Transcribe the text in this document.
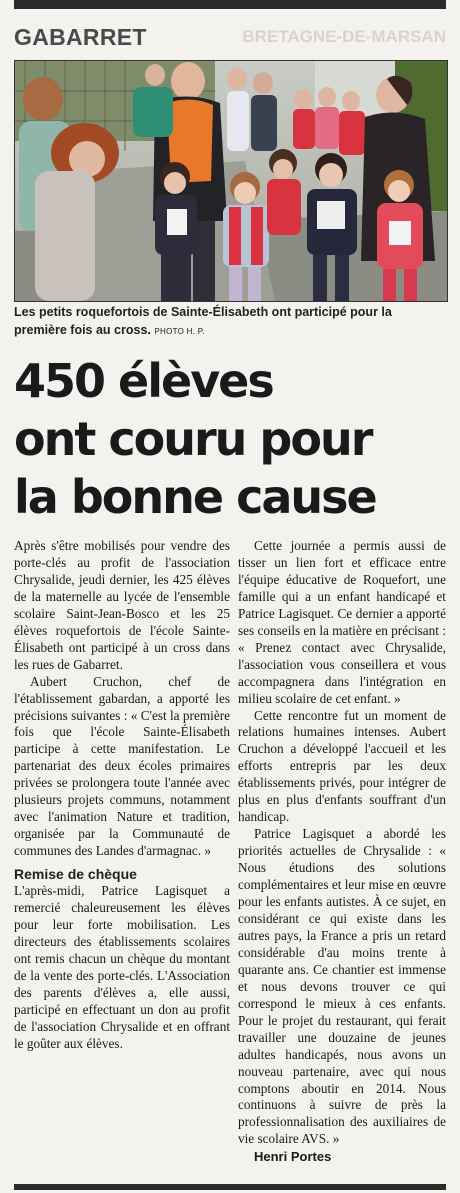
GABARRET	BRETAGNE-DE-MARSAN
Les petits roquefortois de Sainte-Élisabeth ont participé pour la première fois au cross. PHOTO H. P.
450 élèves
ont couru pour
la bonne cause

Après s'être mobilisés pour vendre des porte-clés au profit de l'association Chrysalide, jeudi dernier, les 425 élèves de la maternelle au lycée de l'ensemble scolaire Saint-Jean-Bosco et les 25 élèves roquefortois de l'école Sainte-Élisabeth ont participé à un cross dans les rues de Gabarret.

Aubert Cruchon, chef de l'établissement gabardan, a apporté les précisions suivantes : « C'est la première fois que l'école Sainte-Élisabeth participe à cette manifestation. Le partenariat des deux écoles primaires privées se prolongera toute l'année avec plusieurs projets communs, notamment avec l'animation Nature et tradition, organisée par la Communauté de communes des Landes d'armagnac. »

Remise de chèque

L'après-midi, Patrice Lagisquet a remercié chaleureusement les élèves pour leur forte mobilisation. Les directeurs des établissements scolaires ont remis chacun un chèque du montant de la vente des porte-clés. L'Association des parents d'élèves a, elle aussi, participé en effectuant un don au profit de l'association Chrysalide et en offrant le goûter aux élèves.

Cette journée a permis aussi de tisser un lien fort et efficace entre l'équipe éducative de Roquefort, une famille qui a un enfant handicapé et Patrice Lagisquet. Ce dernier a apporté ses conseils en la matière en précisant : « Prenez contact avec Chrysalide, l'association vous conseillera et vous accompagnera dans l'intégration en milieu scolaire de cet enfant. »

Cette rencontre fut un moment de relations humaines intenses. Aubert Cruchon a développé l'accueil et les efforts entrepris par les deux établissements privés, pour intégrer de plus en plus d'enfants souffrant d'un handicap.

Patrice Lagisquet a abordé les priorités actuelles de Chrysalide : « Nous étudions des solutions complémentaires et leur mise en œuvre pour les enfants autistes. À ce sujet, en considérant ce qui existe dans les autres pays, la France a pris un retard considérable d'au moins trente à quarante ans. Ce chantier est immense et nous devons trouver ce qui correspond le mieux à ces enfants. Pour le projet du restaurant, qui ferait travailler une douzaine de jeunes adultes handicapés, nous avons un nouveau partenaire, avec qui nous comptons aboutir en 2014. Nous continuons à suivre de près la professionnalisation des auxiliaires de vie scolaire AVS. »

Henri Portes
